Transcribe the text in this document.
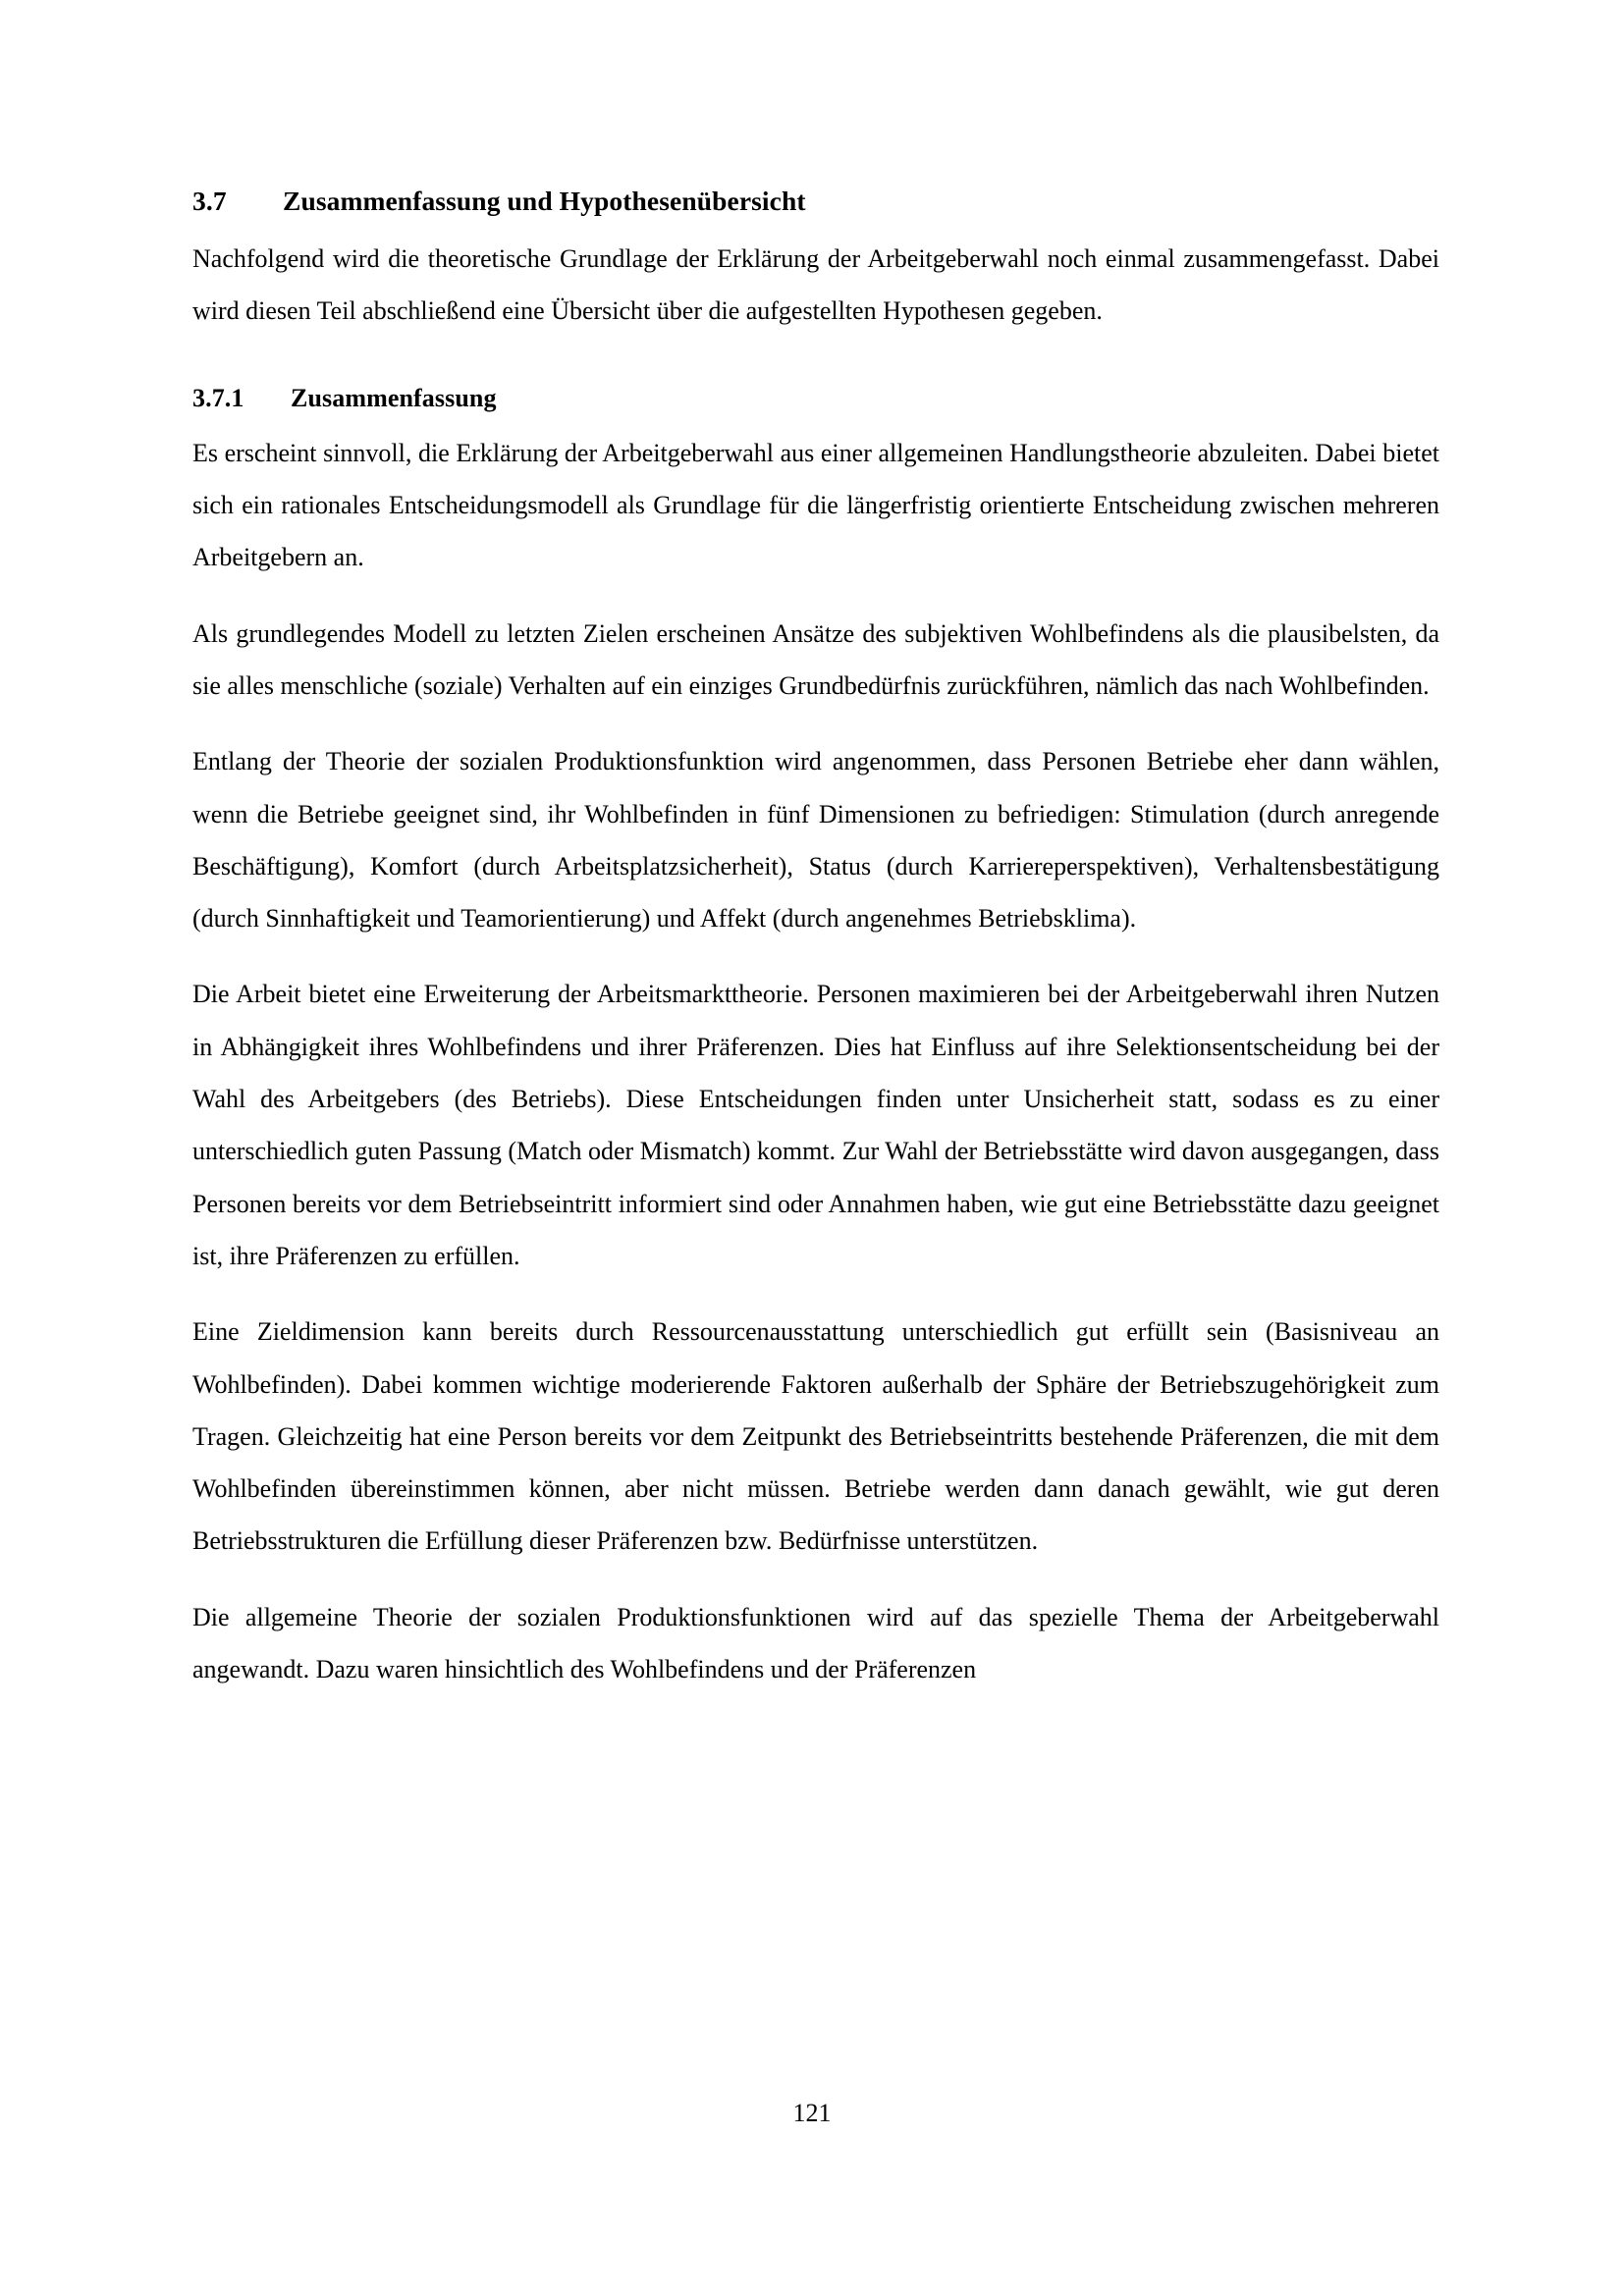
3.7 Zusammenfassung und Hypothesenübersicht

Nachfolgend wird die theoretische Grundlage der Erklärung der Arbeitgeberwahl noch einmal zusammengefasst. Dabei wird diesen Teil abschließend eine Übersicht über die aufgestellten Hypothesen gegeben.

3.7.1 Zusammenfassung

Es erscheint sinnvoll, die Erklärung der Arbeitgeberwahl aus einer allgemeinen Handlungstheorie abzuleiten. Dabei bietet sich ein rationales Entscheidungsmodell als Grundlage für die längerfristig orientierte Entscheidung zwischen mehreren Arbeitgebern an.

Als grundlegendes Modell zu letzten Zielen erscheinen Ansätze des subjektiven Wohlbefindens als die plausibelsten, da sie alles menschliche (soziale) Verhalten auf ein einziges Grundbedürfnis zurückführen, nämlich das nach Wohlbefinden.

Entlang der Theorie der sozialen Produktionsfunktion wird angenommen, dass Personen Betriebe eher dann wählen, wenn die Betriebe geeignet sind, ihr Wohlbefinden in fünf Dimensionen zu befriedigen: Stimulation (durch anregende Beschäftigung), Komfort (durch Arbeitsplatzsicherheit), Status (durch Karriereperspektiven), Verhaltensbestätigung (durch Sinnhaftigkeit und Teamorientierung) und Affekt (durch angenehmes Betriebsklima).

Die Arbeit bietet eine Erweiterung der Arbeitsmarkttheorie. Personen maximieren bei der Arbeitgeberwahl ihren Nutzen in Abhängigkeit ihres Wohlbefindens und ihrer Präferenzen. Dies hat Einfluss auf ihre Selektionsentscheidung bei der Wahl des Arbeitgebers (des Betriebs). Diese Entscheidungen finden unter Unsicherheit statt, sodass es zu einer unterschiedlich guten Passung (Match oder Mismatch) kommt. Zur Wahl der Betriebsstätte wird davon ausgegangen, dass Personen bereits vor dem Betriebseintritt informiert sind oder Annahmen haben, wie gut eine Betriebsstätte dazu geeignet ist, ihre Präferenzen zu erfüllen.

Eine Zieldimension kann bereits durch Ressourcenausstattung unterschiedlich gut erfüllt sein (Basisniveau an Wohlbefinden). Dabei kommen wichtige moderierende Faktoren außerhalb der Sphäre der Betriebszugehörigkeit zum Tragen. Gleichzeitig hat eine Person bereits vor dem Zeitpunkt des Betriebseintritts bestehende Präferenzen, die mit dem Wohlbefinden übereinstimmen können, aber nicht müssen. Betriebe werden dann danach gewählt, wie gut deren Betriebsstrukturen die Erfüllung dieser Präferenzen bzw. Bedürfnisse unterstützen.

Die allgemeine Theorie der sozialen Produktionsfunktionen wird auf das spezielle Thema der Arbeitgeberwahl angewandt. Dazu waren hinsichtlich des Wohlbefindens und der Präferenzen

121
